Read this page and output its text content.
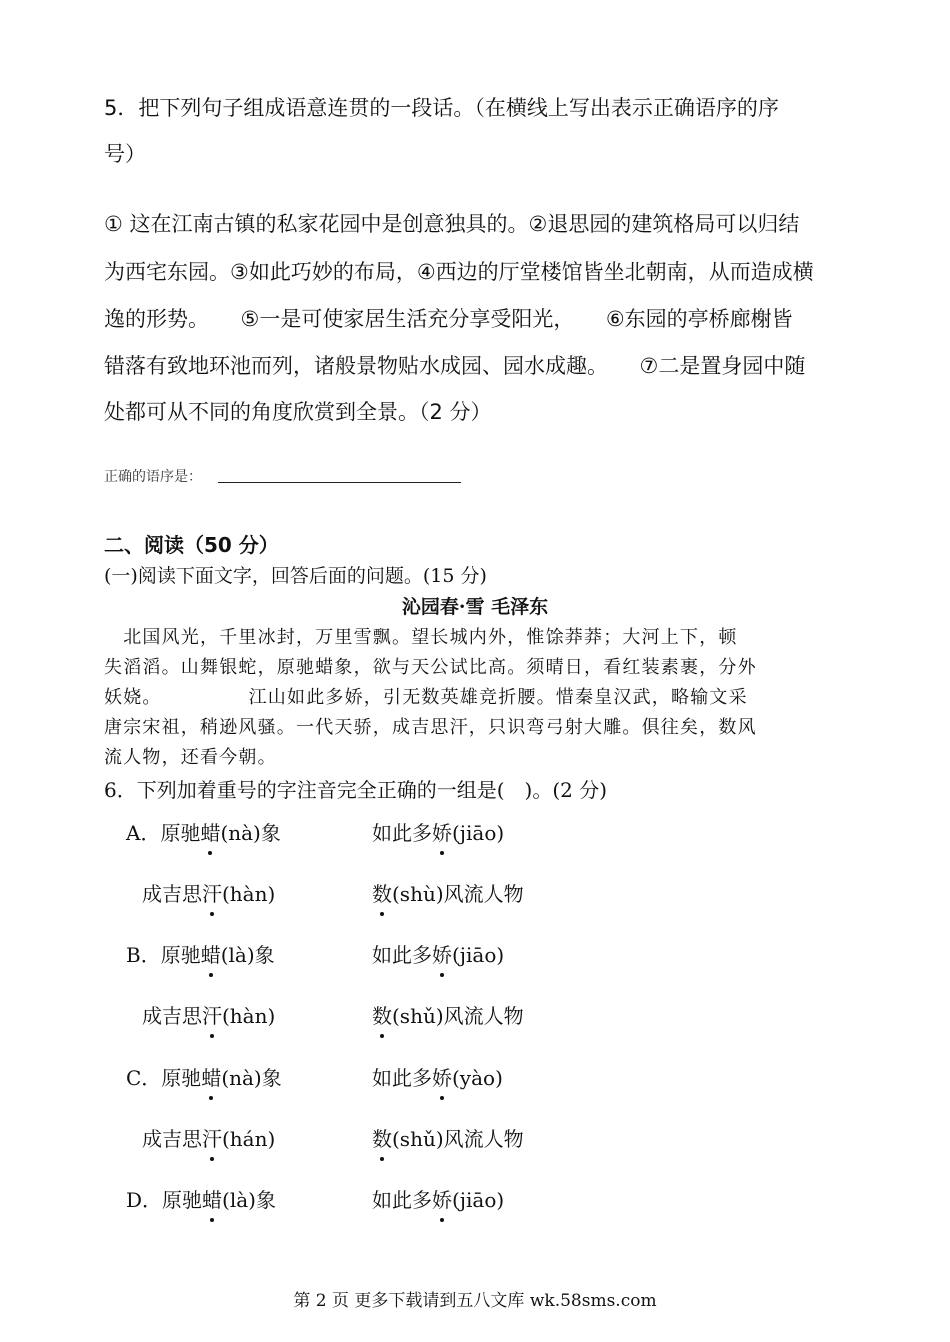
5．把下列句子组成语意连贯的一段话。（在横线上写出表示正确语序的序
号）
① 这在江南古镇的私家花园中是创意独具的。②退思园的建筑格局可以归结
为西宅东园。③如此巧妙的布局，④西边的厅堂楼馆皆坐北朝南，从而造成横
逸的形势。　　⑤一是可使家居生活充分享受阳光，　　⑥东园的亭桥廊榭皆
错落有致地环池而列，诸般景物贴水成园、园水成趣。　　⑦二是置身园中随
处都可从不同的角度欣赏到全景。（2 分）
正确的语序是：
二、阅读（50 分）
(一)阅读下面文字，回答后面的问题。(15 分)
沁园春·雪 毛泽东
　北国风光，千里冰封，万里雪飘。望长城内外，惟馀莽莽；大河上下，顿
失滔滔。山舞银蛇，原驰蜡象，欲与天公试比高。须晴日，看红装素裹，分外
妖娆。　　　　　江山如此多娇，引无数英雄竞折腰。惜秦皇汉武，略输文采
唐宗宋祖，稍逊风骚。一代天骄，成吉思汗，只识弯弓射大雕。俱往矣，数风
流人物，还看今朝。
6．下列加着重号的字注音完全正确的一组是(　)。(2 分)
A．原驰蜡(nà)象	如此多娇(jiāo)
成吉思汗(hàn)	数(shù)风流人物
B．原驰蜡(là)象	如此多娇(jiāo)
成吉思汗(hàn)	数(shǔ)风流人物
C．原驰蜡(nà)象	如此多娇(yào)
成吉思汗(hán)	数(shǔ)风流人物
D．原驰蜡(là)象	如此多娇(jiāo)
第 2 页 更多下载请到五八文库 wk.58sms.com
